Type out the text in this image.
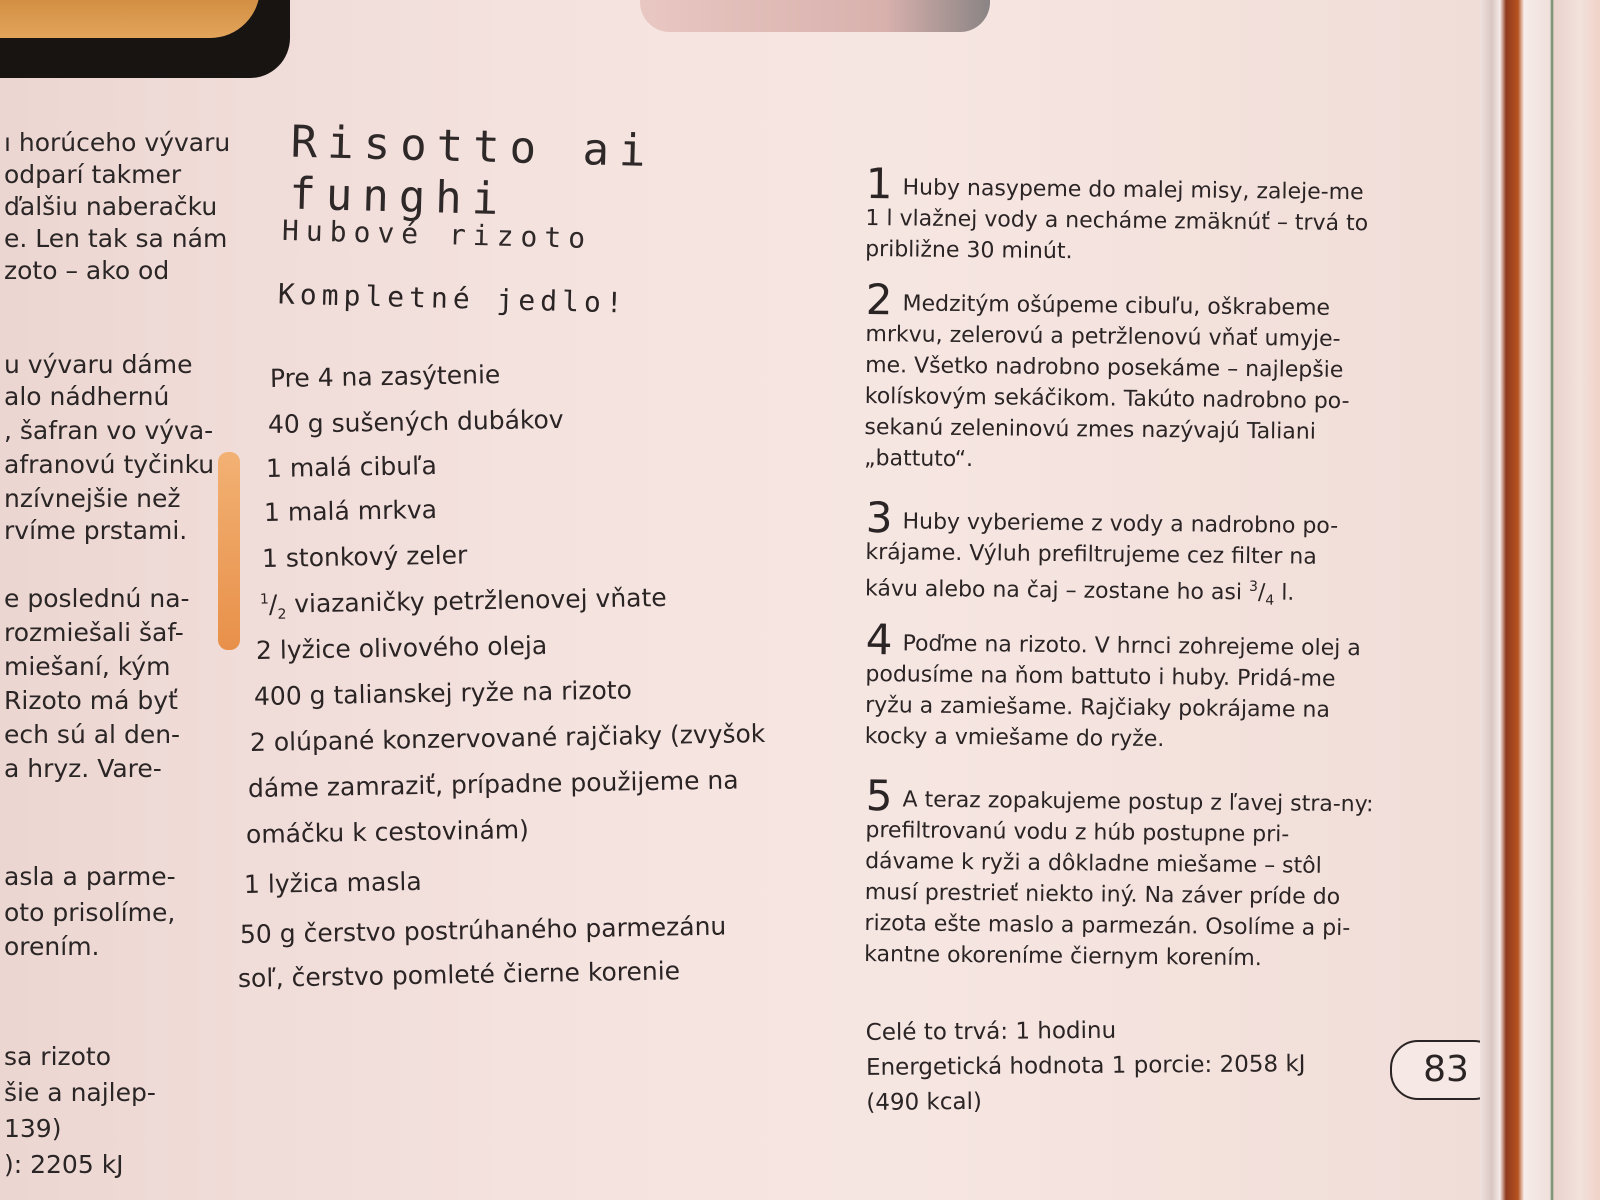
ı horúceho vývaru
odparí takmer
ďalšiu naberačku
e. Len tak sa nám
zoto – ako od
u vývaru dáme
alo nádhernú
, šafran vo výva-
afranovú tyčinku
nzívnejšie než
rvíme prstami.
e poslednú na-
rozmiešali šaf-
miešaní, kým
Rizoto má byť
ech sú al den-
a hryz. Vare-
asla a parme-
oto prisolíme,
orením.
sa rizoto
šie a najlep-
139)
): 2205 kJ
Risotto ai funghi
Hubové rizoto
Kompletné jedlo!
Pre 4 na zasýtenie
40 g sušených dubákov
1 malá cibuľa
1 malá mrkva
1 stonkový zeler
$^1/_2$ viazaničky petržlenovej vňate
2 lyžice olivového oleja
400 g talianskej ryže na rizoto
2 olúpané konzervované rajčiaky (zvyšok
dáme zamraziť, prípadne použijeme na
omáčku k cestovinám)
1 lyžica masla
50 g čerstvo postrúhaného parmezánu
soľ, čerstvo pomleté čierne korenie
1 Huby nasypeme do malej misy, zaleje-me 1 l vlažnej vody a necháme zmäknúť – trvá to približne 30 minút.
2 Medzitým ošúpeme cibuľu, oškrabeme mrkvu, zelerovú a petržlenovú vňať umyje-me. Všetko nadrobno posekáme – najlepšie kolískovým sekáčikom. Takúto nadrobno po-sekanú zeleninovú zmes nazývajú Taliani „battuto“.
3 Huby vyberieme z vody a nadrobno po-krájame. Výluh prefiltrujeme cez filter na kávu alebo na čaj – zostane ho asi $^3/_4$ l.
4 Poďme na rizoto. V hrnci zohrejeme olej a podusíme na ňom battuto i huby. Pridá-me ryžu a zamiešame. Rajčiaky pokrájame na kocky a vmiešame do ryže.
5 A teraz zopakujeme postup z ľavej stra-ny: prefiltrovanú vodu z húb postupne pri-dávame k ryži a dôkladne miešame – stôl musí prestrieť niekto iný. Na záver príde do rizota ešte maslo a parmezán. Osolíme a pi-kantne okoreníme čiernym korením.
Celé to trvá: 1 hodinu
Energetická hodnota 1 porcie: 2058 kJ
(490 kcal)
83
